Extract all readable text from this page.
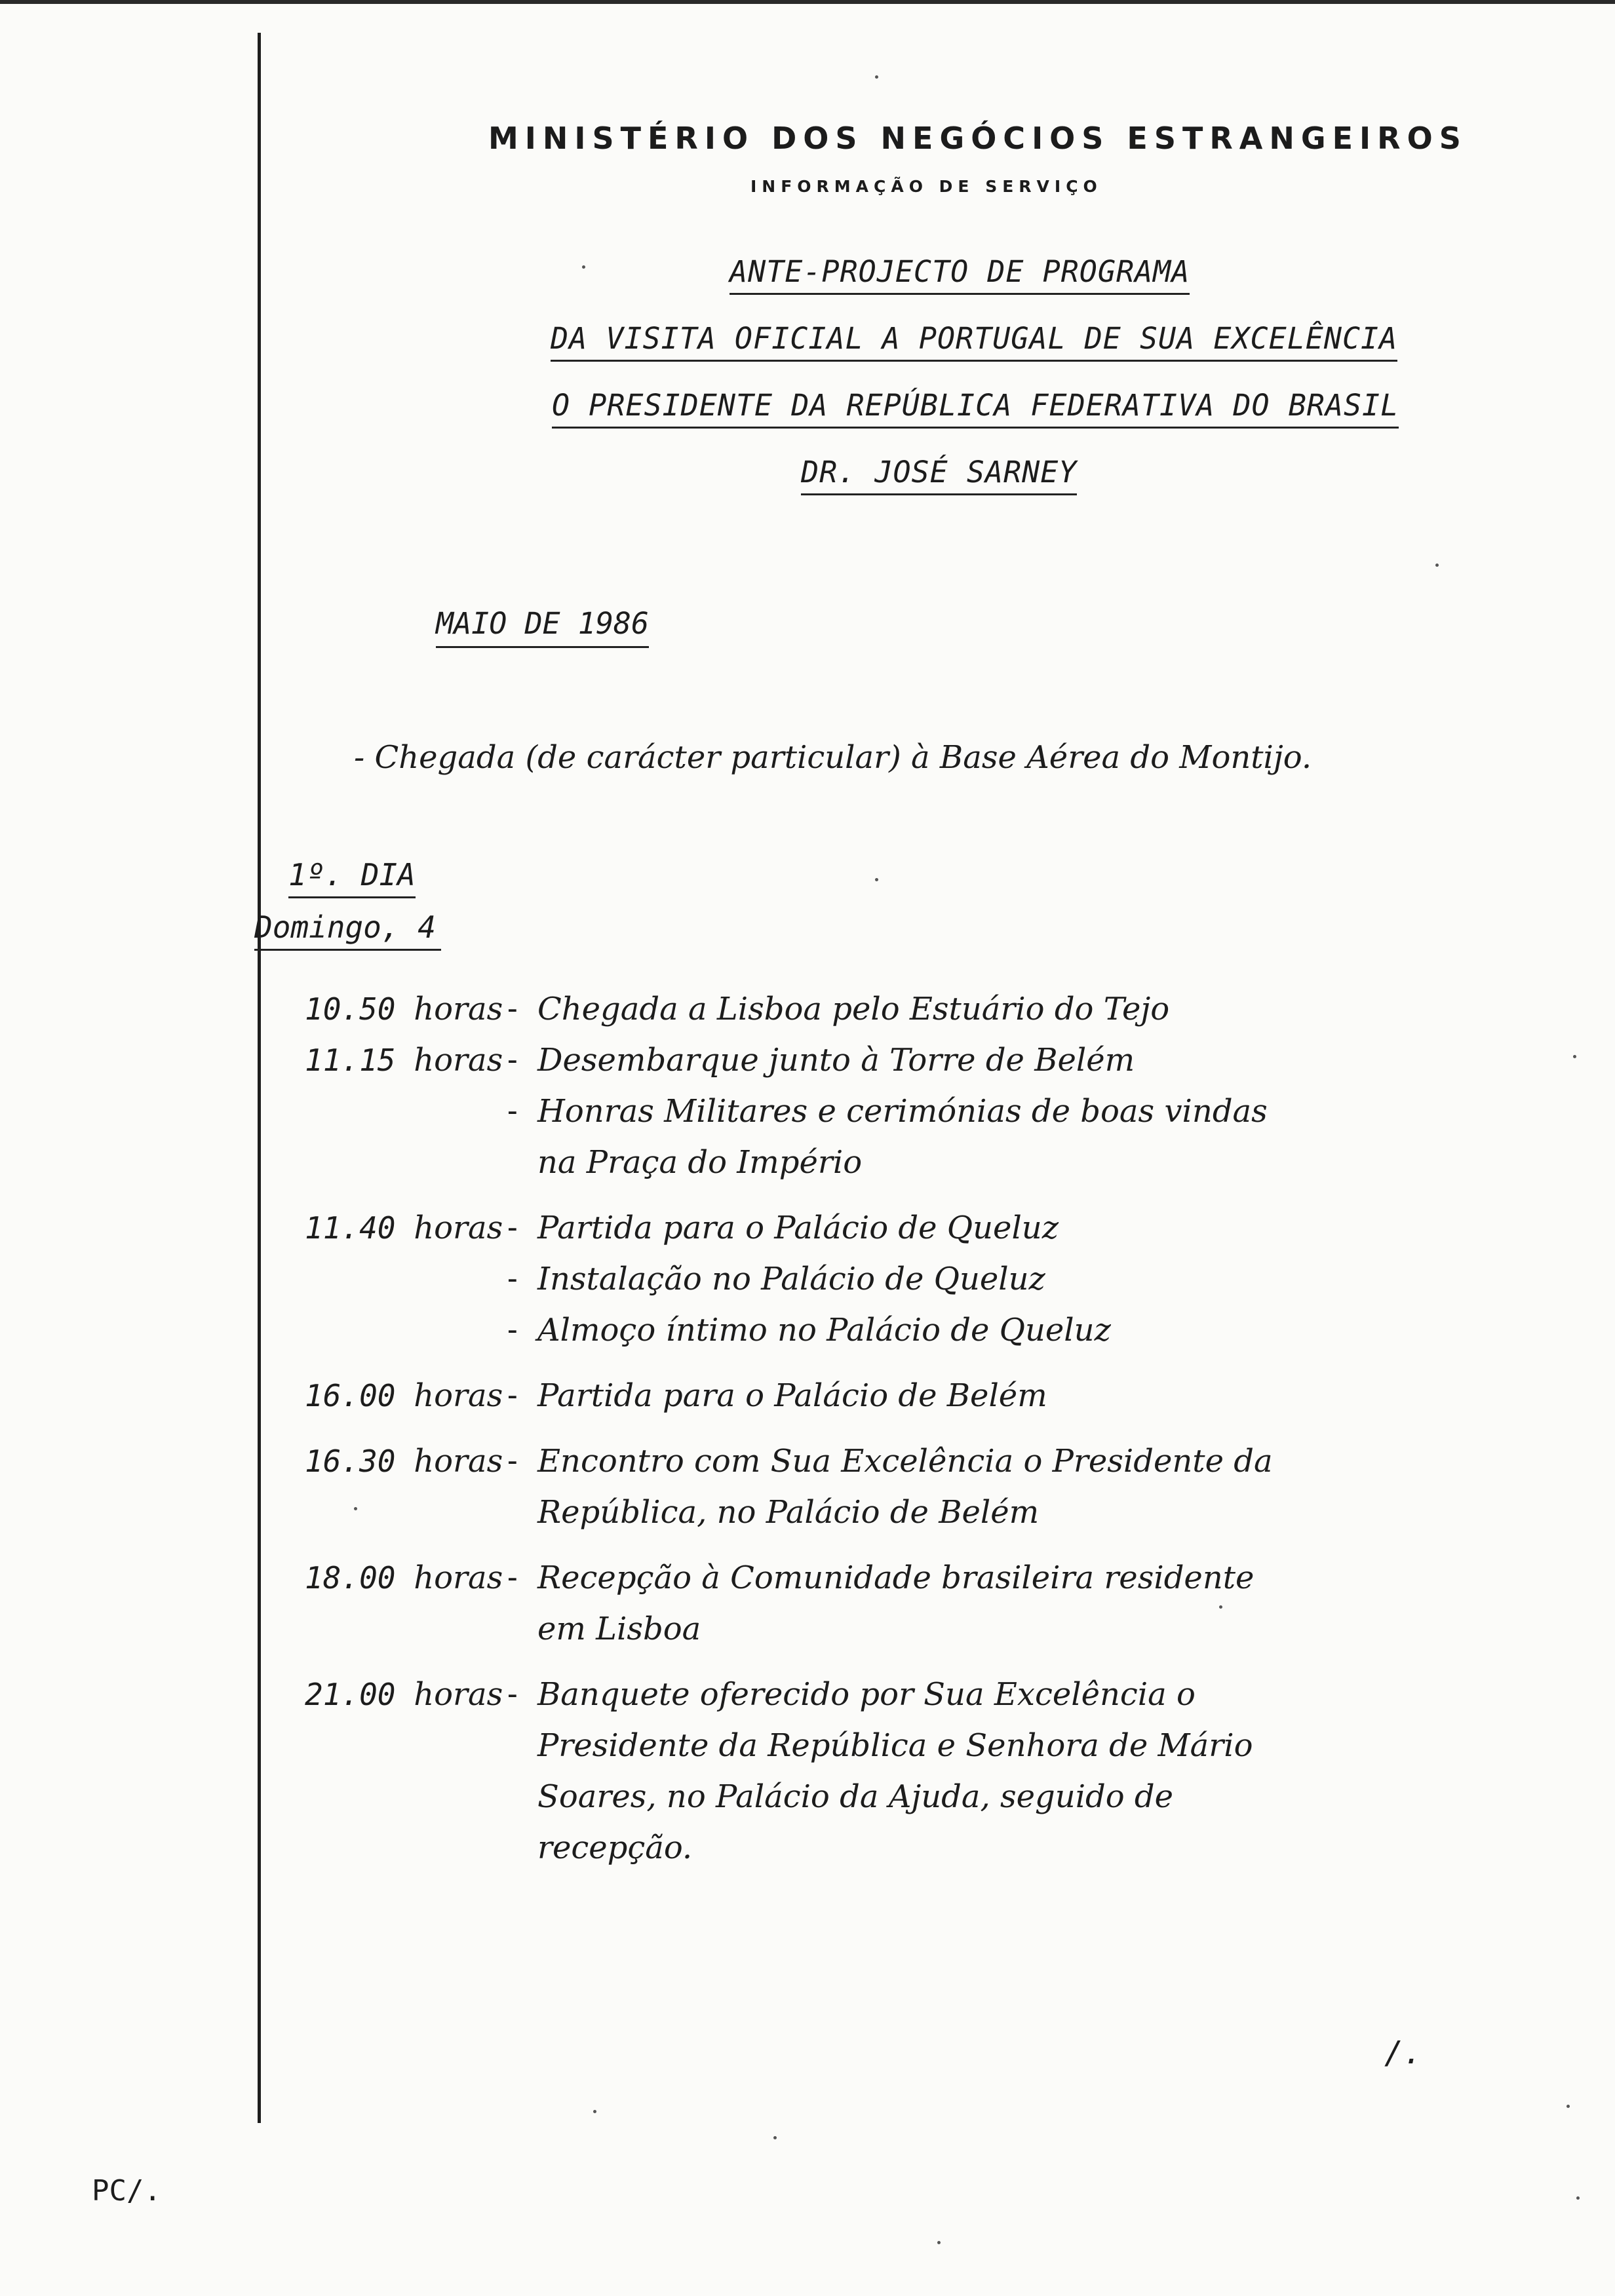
MINISTÉRIO DOS NEGÓCIOS ESTRANGEIROS
INFORMAÇÃO DE SERVIÇO
ANTE-PROJECTO DE PROGRAMA
DA VISITA OFICIAL A PORTUGAL DE SUA EXCELÊNCIA
O PRESIDENTE DA REPÚBLICA FEDERATIVA DO BRASIL
DR. JOSÉ SARNEY
MAIO DE 1986
- Chegada (de carácter particular) à Base Aérea do Montijo.
1º. DIA
Domingo, 4
10.50 horas - Chegada a Lisboa pelo Estuário do Tejo
11.15 horas - Desembarque junto à Torre de Belém
- Honras Militares e cerimónias de boas vindas
na Praça do Império
11.40 horas - Partida para o Palácio de Queluz
- Instalação no Palácio de Queluz
- Almoço íntimo no Palácio de Queluz
16.00 horas - Partida para o Palácio de Belém
16.30 horas - Encontro com Sua Excelência o Presidente da
República, no Palácio de Belém
18.00 horas - Recepção à Comunidade brasileira residente
em Lisboa
21.00 horas - Banquete oferecido por Sua Excelência o
Presidente da República e Senhora de Mário
Soares, no Palácio da Ajuda, seguido de
recepção.
/.
PC/.
